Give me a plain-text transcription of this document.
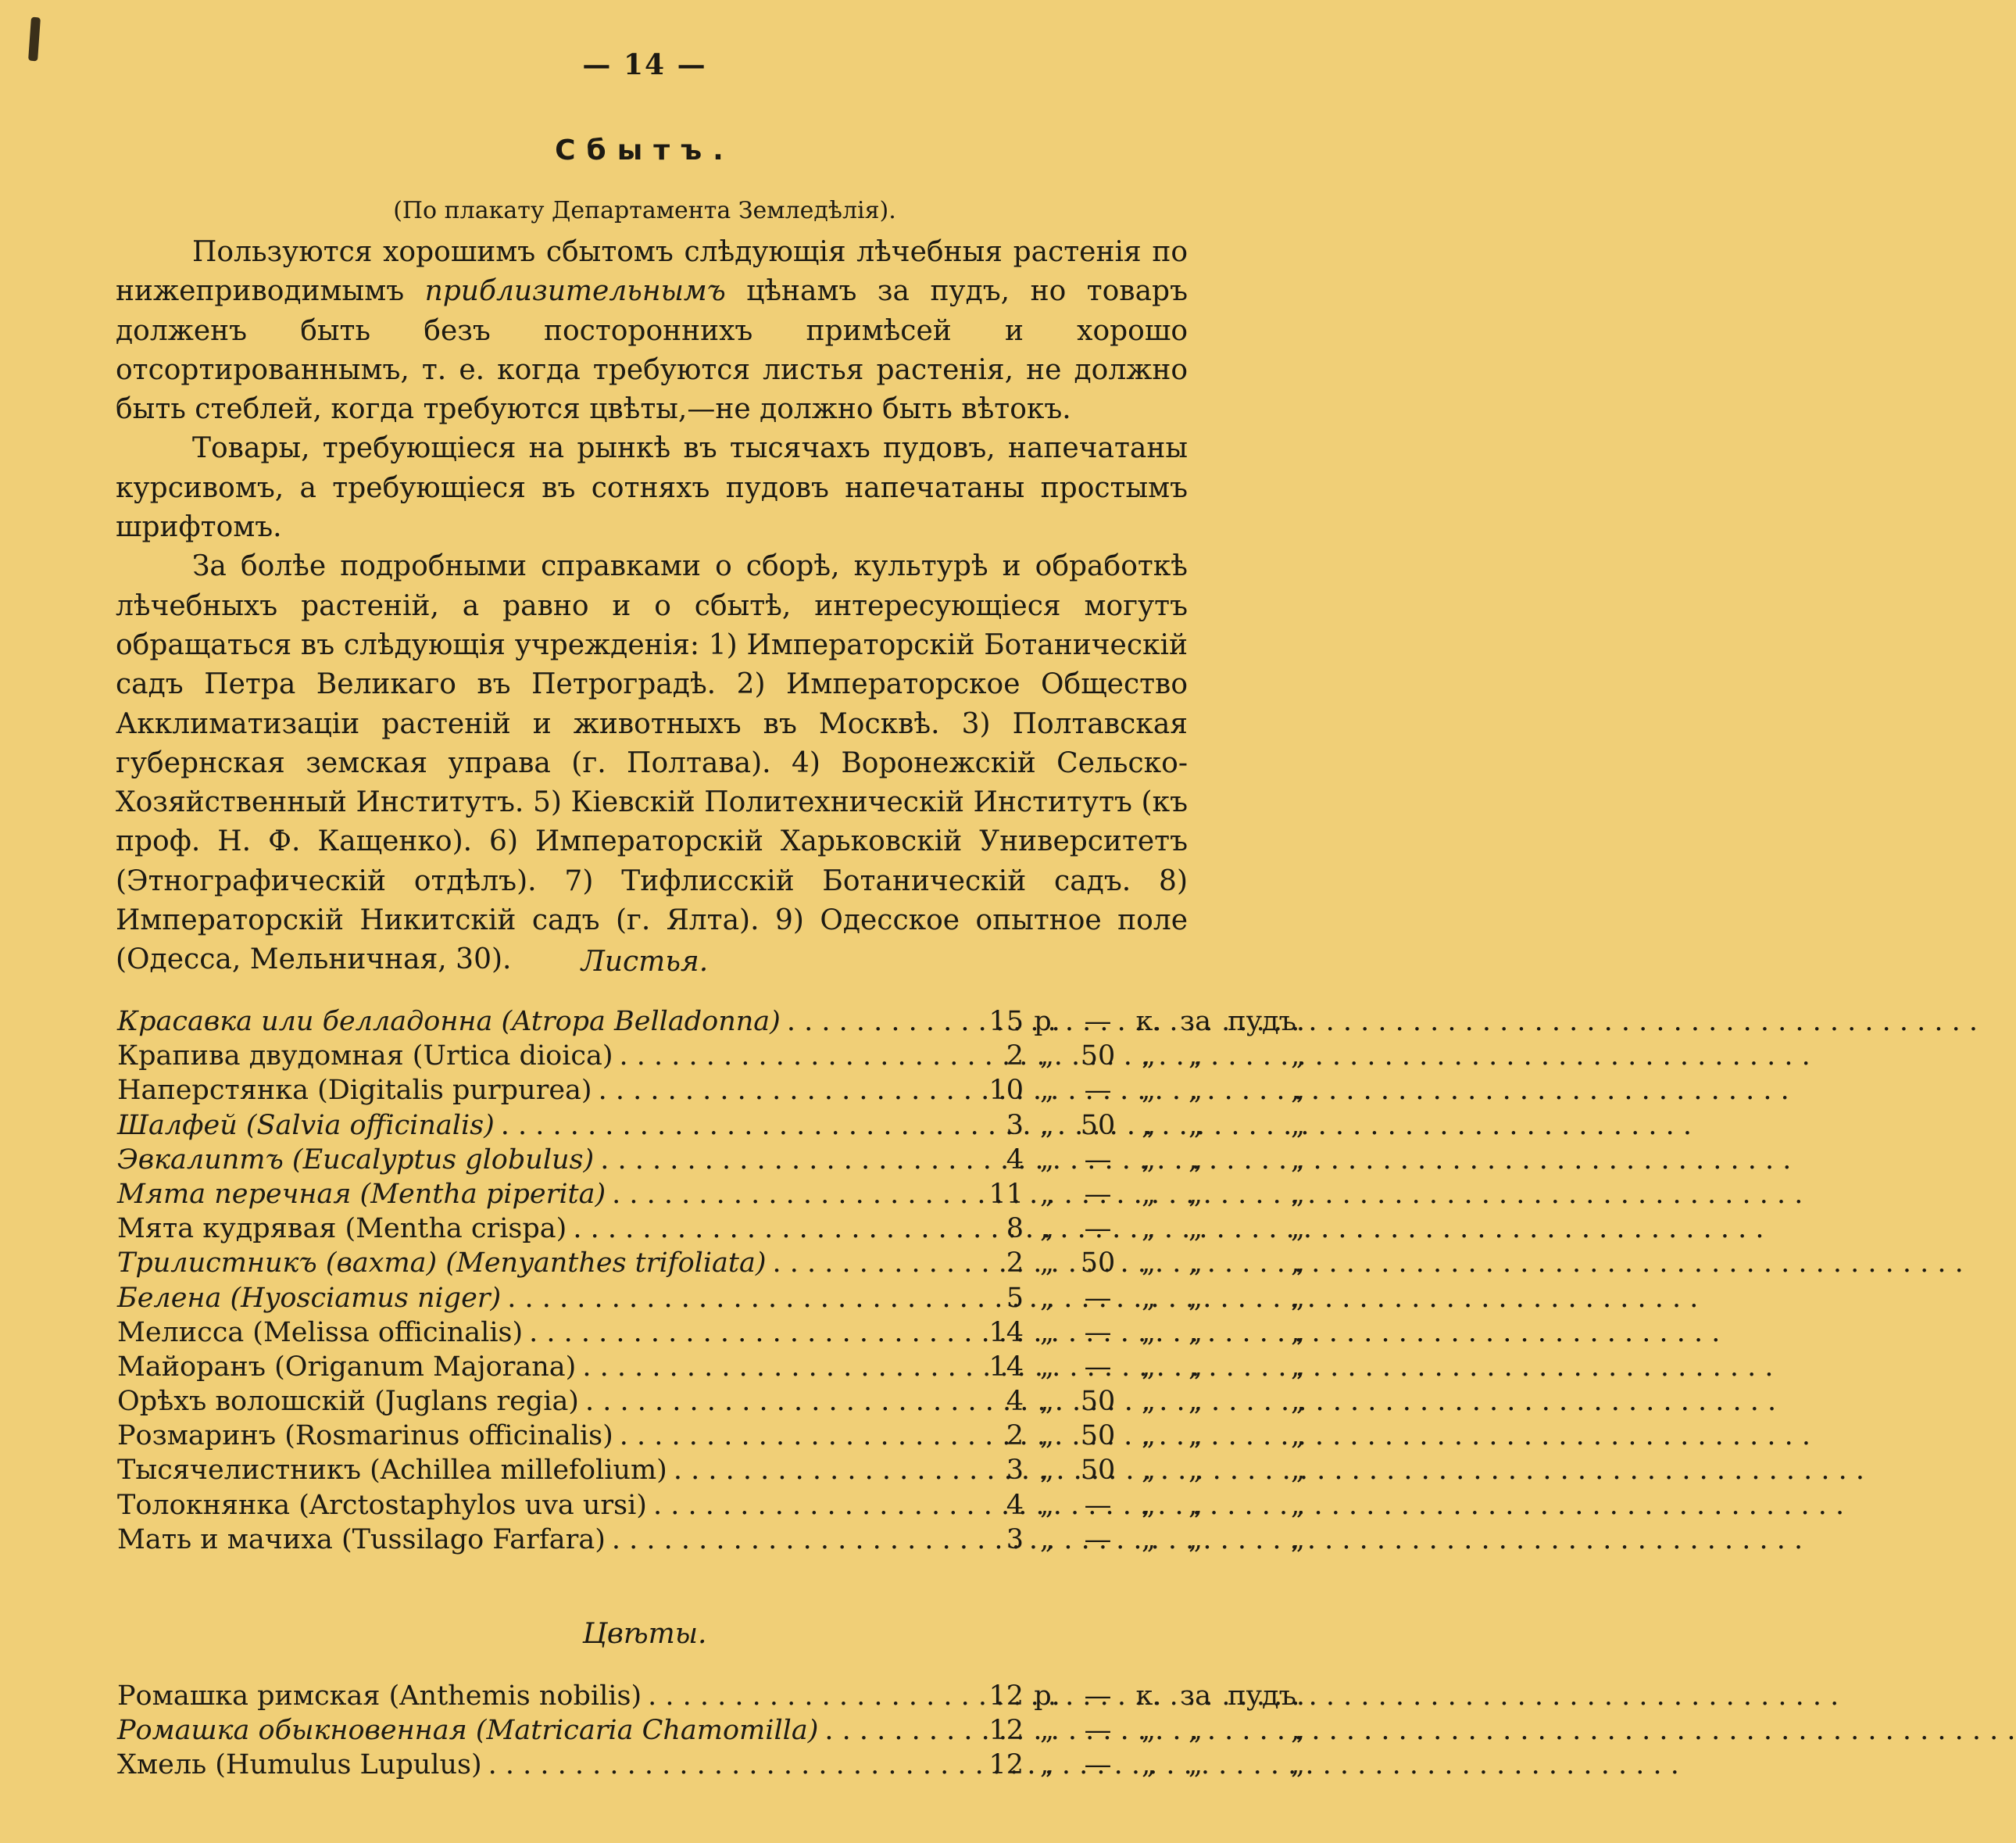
— 14 —
Сбытъ.
(По плакату Департамента Земледѣлія).

Пользуются хорошимъ сбытомъ слѣдующія лѣчебныя растенія по нижеприводимымъ приблизительнымъ цѣнамъ за пудъ, но товаръ долженъ быть безъ постороннихъ примѣсей и хорошо отсортированнымъ, т. е. когда требуются листья растенія, не должно быть стеблей, когда требуются цвѣты,—не должно быть вѣтокъ.

Товары, требующіеся на рынкѣ въ тысячахъ пудовъ, напечатаны курсивомъ, а требующіеся въ сотняхъ пудовъ напечатаны простымъ шрифтомъ.

За болѣе подробными справками о сборѣ, культурѣ и обработкѣ лѣчебныхъ растеній, а равно и о сбытѣ, интересующіеся могутъ обращаться въ слѣдующія учрежденія: 1) Императорскій Ботаническій садъ Петра Великаго въ Петроградѣ. 2) Императорское Общество Акклиматизаціи растеній и животныхъ въ Москвѣ. 3) Полтавская губернская земская управа (г. Полтава). 4) Воронежскій Сельско-Хозяйственный Институтъ. 5) Кіевскій Политехническій Институтъ (къ проф. Н. Ф. Кащенко). 6) Императорскій Харьковскій Университетъ (Этнографическій отдѣлъ). 7) Тифлисскій Ботаническій садъ. 8) Императорскій Никитскій садъ (г. Ялта). 9) Одесское опытное поле (Одесса, Мельничная, 30).	Листья.
Красавка или белладонна (Atropa Belladonna)
. . .	15 р. — к. за пудъ.
Крапива двудомная (Urtica dioica)
. . .	2 „ 50 „	„	„
Наперстянка (Digitalis purpurea)
. . .	10 „	—	„	„	„
Шалфей (Salvia officinalis)
. . .	3 „ 50 „	„	„
Эвкалиптъ (Eucalyptus globulus)
. . .	4 „	—	„	„	„
Мята перечная (Mentha piperita)
. . .	11 „	—	„	„	„
Мята кудрявая (Mentha crispa)
. . .	8 „	—	„	„	„
Трилистникъ (вахта) (Menyanthes trifoliata)
. . .	2 „ 50 „	„	„
Белена (Hyosciamus niger)
. . .	5 „	—	„	„	„
Мелисса (Melissa officinalis)
. . .	14 „	—	„	„	„
Майоранъ (Origanum Majorana)
. . .	14 „	—	„	„	„
Орѣхъ волошскій (Juglans regia)
. . .	4 „ 50 „	„	„
Розмаринъ (Rosmarinus officinalis)
. . .	2 „ 50 „	„	„
Тысячелистникъ (Achillea millefolium)
. . .	3 „ 50 „	„	„
Толокнянка (Arctostaphylos uva ursi)
. . .	4 „	—	„	„	„
Мать и мачиха (Tussilago Farfara)
. . .	3 „	—	„	„	„
Цвѣты.
Ромашка римская (Anthemis nobilis)
. . .	12 р. — к. за пудъ.
Ромашка обыкновенная (Matricaria Chamomilla)
. . .	12 „	—	„	„	„
Хмель (Humulus Lupulus)
. . .	12 „	—	„	„	„
